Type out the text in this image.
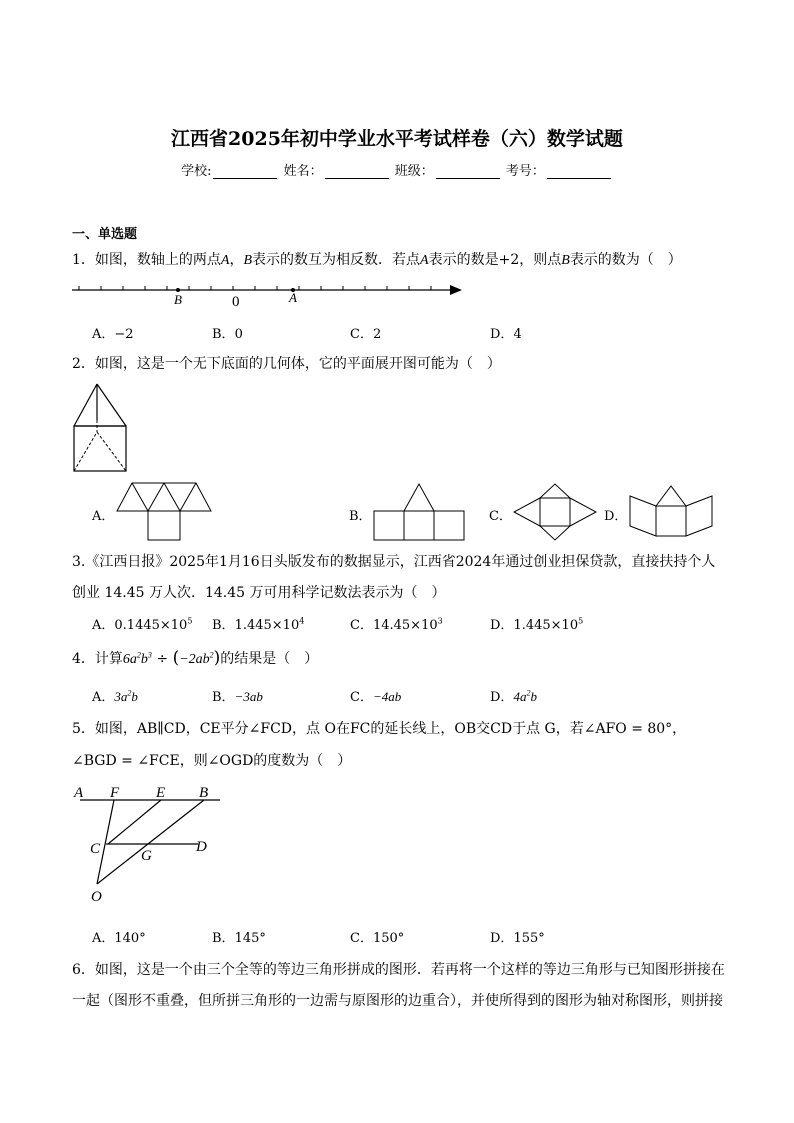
江西省2025年初中学业水平考试样卷（六）数学试题
学校:	姓名：	班级：	考号：
一、单选题
1．如图，数轴上的两点A，B表示的数互为相反数．若点A表示的数是+2，则点B表示的数为（　）
B	0	A
A．−2	B．0	C．2	D．4
2．如图，这是一个无下底面的几何体，它的平面展开图可能为（　）
A．	B．	C．	D．
3.《江西日报》2025年1月16日头版发布的数据显示，江西省2024年通过创业担保贷款，直接扶持个人
创业 14.45 万人次．14.45 万可用科学记数法表示为（　）
A．$0.1445\times 10^5$ B．$1.445\times 10^4$	C．$14.45\times 10^3$	D．$1.445\times 10^5$
4．计算$6a^2b^3 \div (-2ab^2)$的结果是（　）
A．$3a^2b$	B．−3ab	C．−4ab	D．$4a^2b$
5．如图，AB∥CD，CE平分∠FCD，点 O在FC的延长线上，OB交CD于点 G，若∠AFO = 80°，
∠BGD = ∠FCE，则∠OGD的度数为（　）
A F E B
C	G
D
O
A．140°	B．145°	C．150°	D．155°
6．如图，这是一个由三个全等的等边三角形拼成的图形．若再将一个这样的等边三角形与已知图形拼接在
一起（图形不重叠，但所拼三角形的一边需与原图形的边重合），并使所得到的图形为轴对称图形，则拼接
